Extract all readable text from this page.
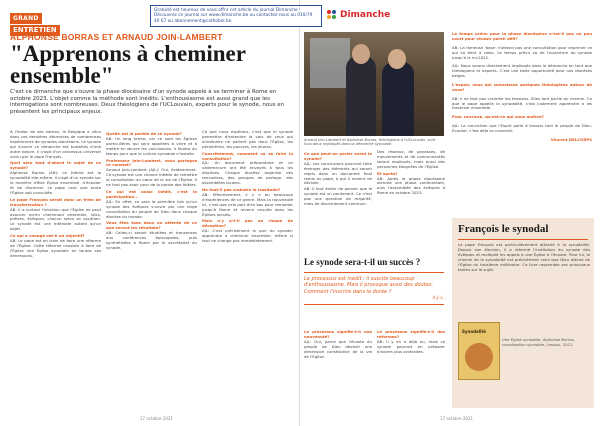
GRAND
ENTRETIEN
Gratuité est heureux de vous offrir cet article du journal Dimanche ! Découvrez ce journal sur www.dimanche.be ou contactez-nous au 010/79 40 67 ou abonnement@cathobel.be
Dimanche
ALPHONSE BORRAS ET ARNAUD JOIN-LAMBERT
"Apprenons à cheminer ensemble"
C'est ce dimanche que s'ouvre la phase diocésaine d'un synode appelé à se terminer à Rome en octobre 2023. L'objet comme la méthode sont inédits. L'enthousiasme est aussi grand que les interrogations sont nombreuses. Deux théologiens de l'UCLouvain, experts pour le synode, nous en présentent les principaux enjeux.

À l'instar de ses voisins, la Belgique a vécu dans ces dernières décennies de nombreuses expériences de synodes diocésains. Le synode qui s'ouvre ce dimanche est toutefois d'une autre nature. Il s'agit d'un processus universel voulu par le pape François.

Quel sera tout d'abord le sujet de ce synode?

Alphonse Borras (AB): Le thème est la synodalité elle-même. Il s'agit d'un synode sur la manière d'être Église ensemble, d'écouter et de discerner. Le pape veut que toute l'Église soit consultée.

Le pape François serait donc un frein de transformation ?

AB: Il a surtout l'intuition que l'Église ne peut avancer qu'en cheminant ensemble, laïcs, prêtres, évêques, chacun selon sa vocation. Le synode est une méthode autant qu'un objet.

Ce qui a changé est-il un objectif?

AB: Le pape est en train de faire une réforme de l'Église. Cette réforme consiste à faire de l'Église une Église synodale en toutes ses dimensions.

Quelle est la portée de ce synode?

AB: Un long terme, car ce sont les Églises particulières qui sont appelées à vivre et à mettre en œuvre les conclusions. Il faudra du temps pour que la culture synodale s'installe.

Professeur Join-Lambert, vous partagez ce constat?

Arnaud Join-Lambert (AJL): Oui, évidemment. Ce synode est une chance inédite de remettre la consultation au cœur de la vie de l'Église. Il ne faut pas avoir peur de la parole des fidèles.

Ce qui est aussi inédit, c'est la participation...

AJL: En effet, ce sera la première fois qu'un synode des évêques s'ouvre par une large consultation du peuple de Dieu dans chaque diocèse du monde.

Vous êtes tous deux en attente de ce que seront les résultats?

AB: Celles-ci seront étudiées et transmises aux conférences épiscopales, puis synthétisées à Rome par le secrétariat du synode.

Ce que nous espérons, c'est que le synode permettra d'entendre la voix de ceux qui d'ordinaire ne parlent pas dans l'Église, les périphéries, les pauvres, les jeunes.

Concrètement, comment va se faire la consultation?

AJL: Un document préparatoire et un vademecum ont été envoyés à tous les diocèses. Chaque diocèse organise des rencontres, des groupes de partage, des assemblées locales.

Ne faut-il pas craindre la lassitude?

AB: Effectivement, il y a eu beaucoup d'expériences de ce genre. Mais la nouveauté ici, c'est que cela part d'en bas pour remonter jusqu'à Rome et revenir ensuite dans les Églises locales.

Mais n'y a-t-il pas un risque de déception?

AJL: C'est précisément le pari du synode: apprendre à cheminer ensemble, même si tout ne change pas immédiatement.

Arnaud Join-Lambert et Alphonse Borras, théologiens à l'UCLouvain, sont tous deux impliqués dans la démarche synodale.
Ce que peut-on parler avant le synode?

AJL: Les conclusions pourront faire émerger des éléments qui seront repris dans un document final remis au pape, à qui il revient de décider.

AB: Il faut éviter de penser que le synode est un parlement. Ce n'est pas une question de majorité, mais de discernement commun.

Des réseaux, de paroisses, de mouvements et de communautés seront impliqués, mais aussi des personnes éloignées de l'Église.

Et après?

AB: Après la phase diocésaine viendra une phase continentale, puis l'assemblée des évêques à Rome en octobre 2023.

Le synode sera-t-il un succès ?
Le processus est inédit : il suscite beaucoup d'enthousiasme. Mais il provoque aussi des doutes. Comment l'inscrire dans la durée ?
A.J.-L.
Le processus signifie-t-il une nouveauté?

AJL: Oui, parce que l'écoute du peuple de Dieu devient une dimension constitutive de la vie de l'Église.

Le processus signifie-t-il des réformes?

AB: Il y en a déjà eu, mais ce synode pourrait en préparer d'autres plus profondes.

Le temps prévu pour la phase diocésaine n'est-il pas un peu court pour réussir pareil défi?

AB: La fameuse 'base' n'attend pas une consultation pour exprimer ce qui lui tient à cœur. Le temps prévu va de l'ouverture du synode jusqu'à la mi-2022.

AJL: Nous serons directement impliqués dans la démarche en tant que théologiens et experts. C'est une belle opportunité pour nos diocèses belges.

L'espoir, vous qui connaissez quelques théologiens autour de vous?

AB: Il ne faut pas craindre les tensions. Elles font partie du chemin. Ce que le pape appelle la synodalité, c'est justement apprendre à les traverser ensemble.

Pour conclure, qu'est-ce qui vous motive?

AJL: La conviction que l'Esprit parle à travers tout le peuple de Dieu. Écouter, c'est déjà se convertir.

Vincent DELCORPS
François le synodal
Le pape François est particulièrement attaché à la synodalité. Depuis son élection, il a réformé l'institution du synode des évêques et multiplié les appels à une Église à l'écoute. Pour lui, le chemin de la synodalité est précisément celui que Dieu attend de l'Église du troisième millénaire. Ce livre rassemble ses principaux textes sur le sujet.
Synodalité
Une Église synodale, Alphonse Borras, coordination synodale, Lessius, 2021.
17 octobre 2021	17 octobre 2021
